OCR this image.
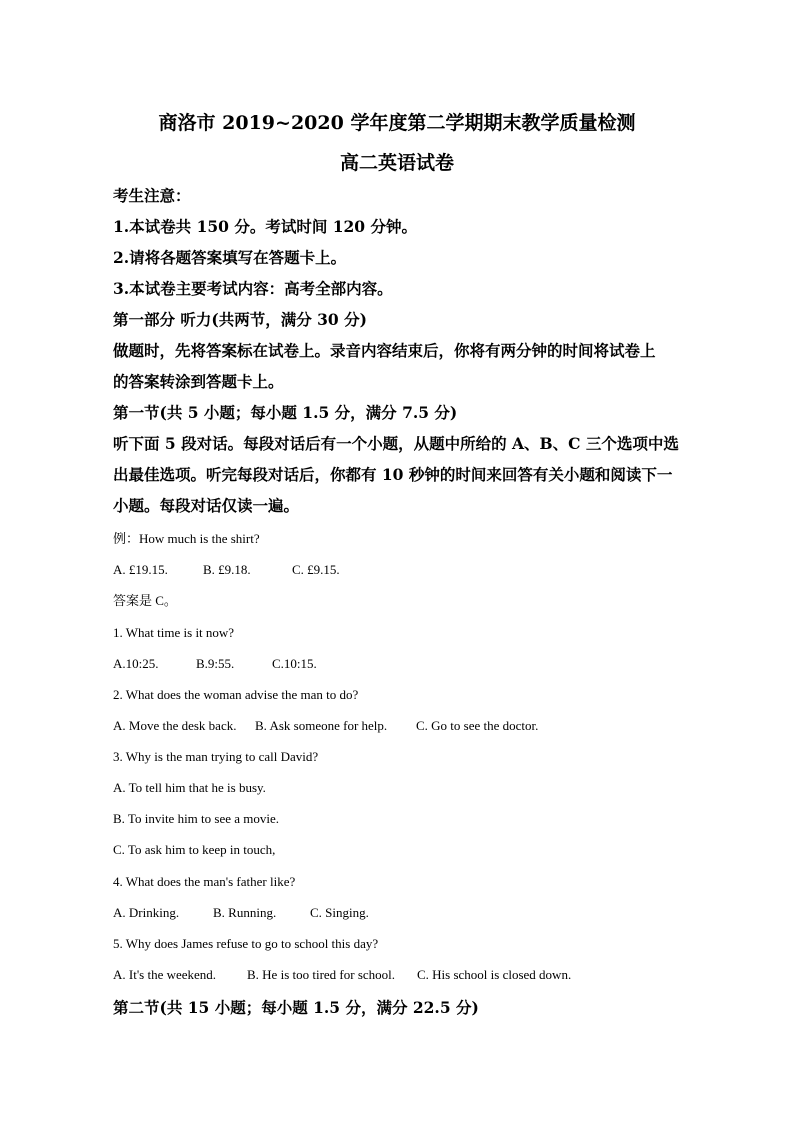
商洛市 2019~2020 学年度第二学期期末教学质量检测
高二英语试卷
考生注意：
1.本试卷共 150 分。考试时间 120 分钟。
2.请将各题答案填写在答题卡上。
3.本试卷主要考试内容：高考全部内容。
第一部分 听力(共两节，满分 30 分)
做题时，先将答案标在试卷上。录音内容结束后，你将有两分钟的时间将试卷上
的答案转涂到答题卡上。
第一节(共 5 小题；每小题 1.5 分，满分 7.5 分)
听下面 5 段对话。每段对话后有一个小题，从题中所给的 A、B、C 三个选项中选
出最佳选项。听完每段对话后，你都有 10 秒钟的时间来回答有关小题和阅读下一
小题。每段对话仅读一遍。
例：How much is the shirt?
A. £19.15.	B. £9.18.	C. £9.15.
答案是 C。
1. What time is it now?
A.10:25.	B.9:55.	C.10:15.
2. What does the woman advise the man to do?
A. Move the desk back. B. Ask someone for help. C. Go to see the doctor.
3. Why is the man trying to call David?
A. To tell him that he is busy.
B. To invite him to see a movie.
C. To ask him to keep in touch,
4. What does the man's father like?
A. Drinking.	B. Running.	C. Singing.
5. Why does James refuse to go to school this day?
A. It's the weekend. B. He is too tired for school. C. His school is closed down.
第二节(共 15 小题；每小题 1.5 分，满分 22.5 分)
